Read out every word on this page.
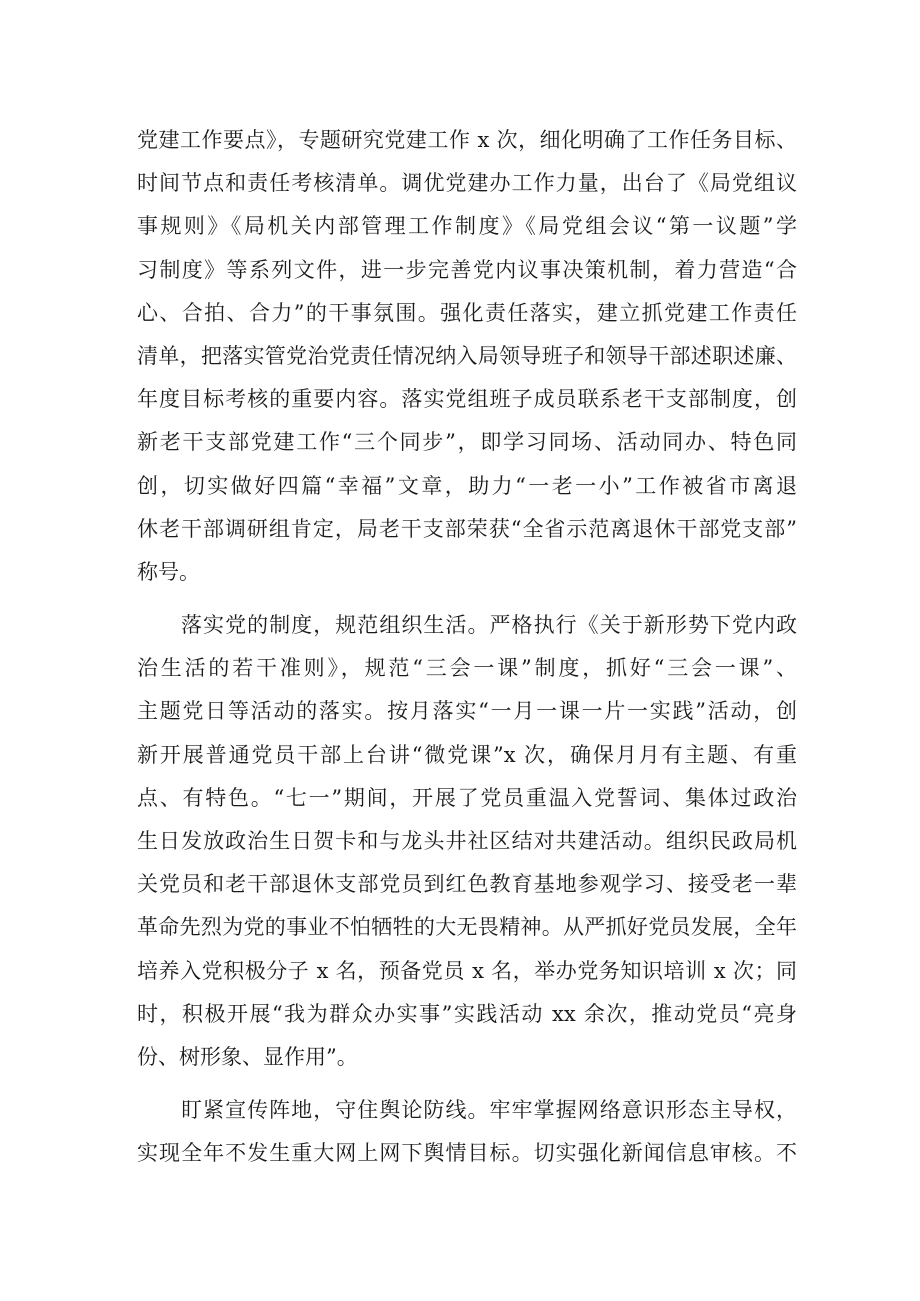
党建工作要点》，专题研究党建工作 x 次，细化明确了工作任务目标、
时间节点和责任考核清单。调优党建办工作力量，出台了《局党组议
事规则》《局机关内部管理工作制度》《局党组会议“第一议题”学
习制度》等系列文件，进一步完善党内议事决策机制，着力营造“合
心、合拍、合力”的干事氛围。强化责任落实，建立抓党建工作责任
清单，把落实管党治党责任情况纳入局领导班子和领导干部述职述廉、
年度目标考核的重要内容。落实党组班子成员联系老干支部制度，创
新老干支部党建工作“三个同步”，即学习同场、活动同办、特色同
创，切实做好四篇“幸福”文章，助力“一老一小”工作被省市离退
休老干部调研组肯定，局老干支部荣获“全省示范离退休干部党支部”
称号。
落实党的制度，规范组织生活。严格执行《关于新形势下党内政
治生活的若干准则》，规范“三会一课”制度，抓好“三会一课”、
主题党日等活动的落实。按月落实“一月一课一片一实践”活动，创
新开展普通党员干部上台讲“微党课”x 次，确保月月有主题、有重
点、有特色。“七一”期间，开展了党员重温入党誓词、集体过政治
生日发放政治生日贺卡和与龙头井社区结对共建活动。组织民政局机
关党员和老干部退休支部党员到红色教育基地参观学习、接受老一辈
革命先烈为党的事业不怕牺牲的大无畏精神。从严抓好党员发展，全年
培养入党积极分子 x 名，预备党员 x 名，举办党务知识培训 x 次；同
时，积极开展“我为群众办实事”实践活动 xx 余次，推动党员“亮身
份、树形象、显作用”。
盯紧宣传阵地，守住舆论防线。牢牢掌握网络意识形态主导权，
实现全年不发生重大网上网下舆情目标。切实强化新闻信息审核。不
